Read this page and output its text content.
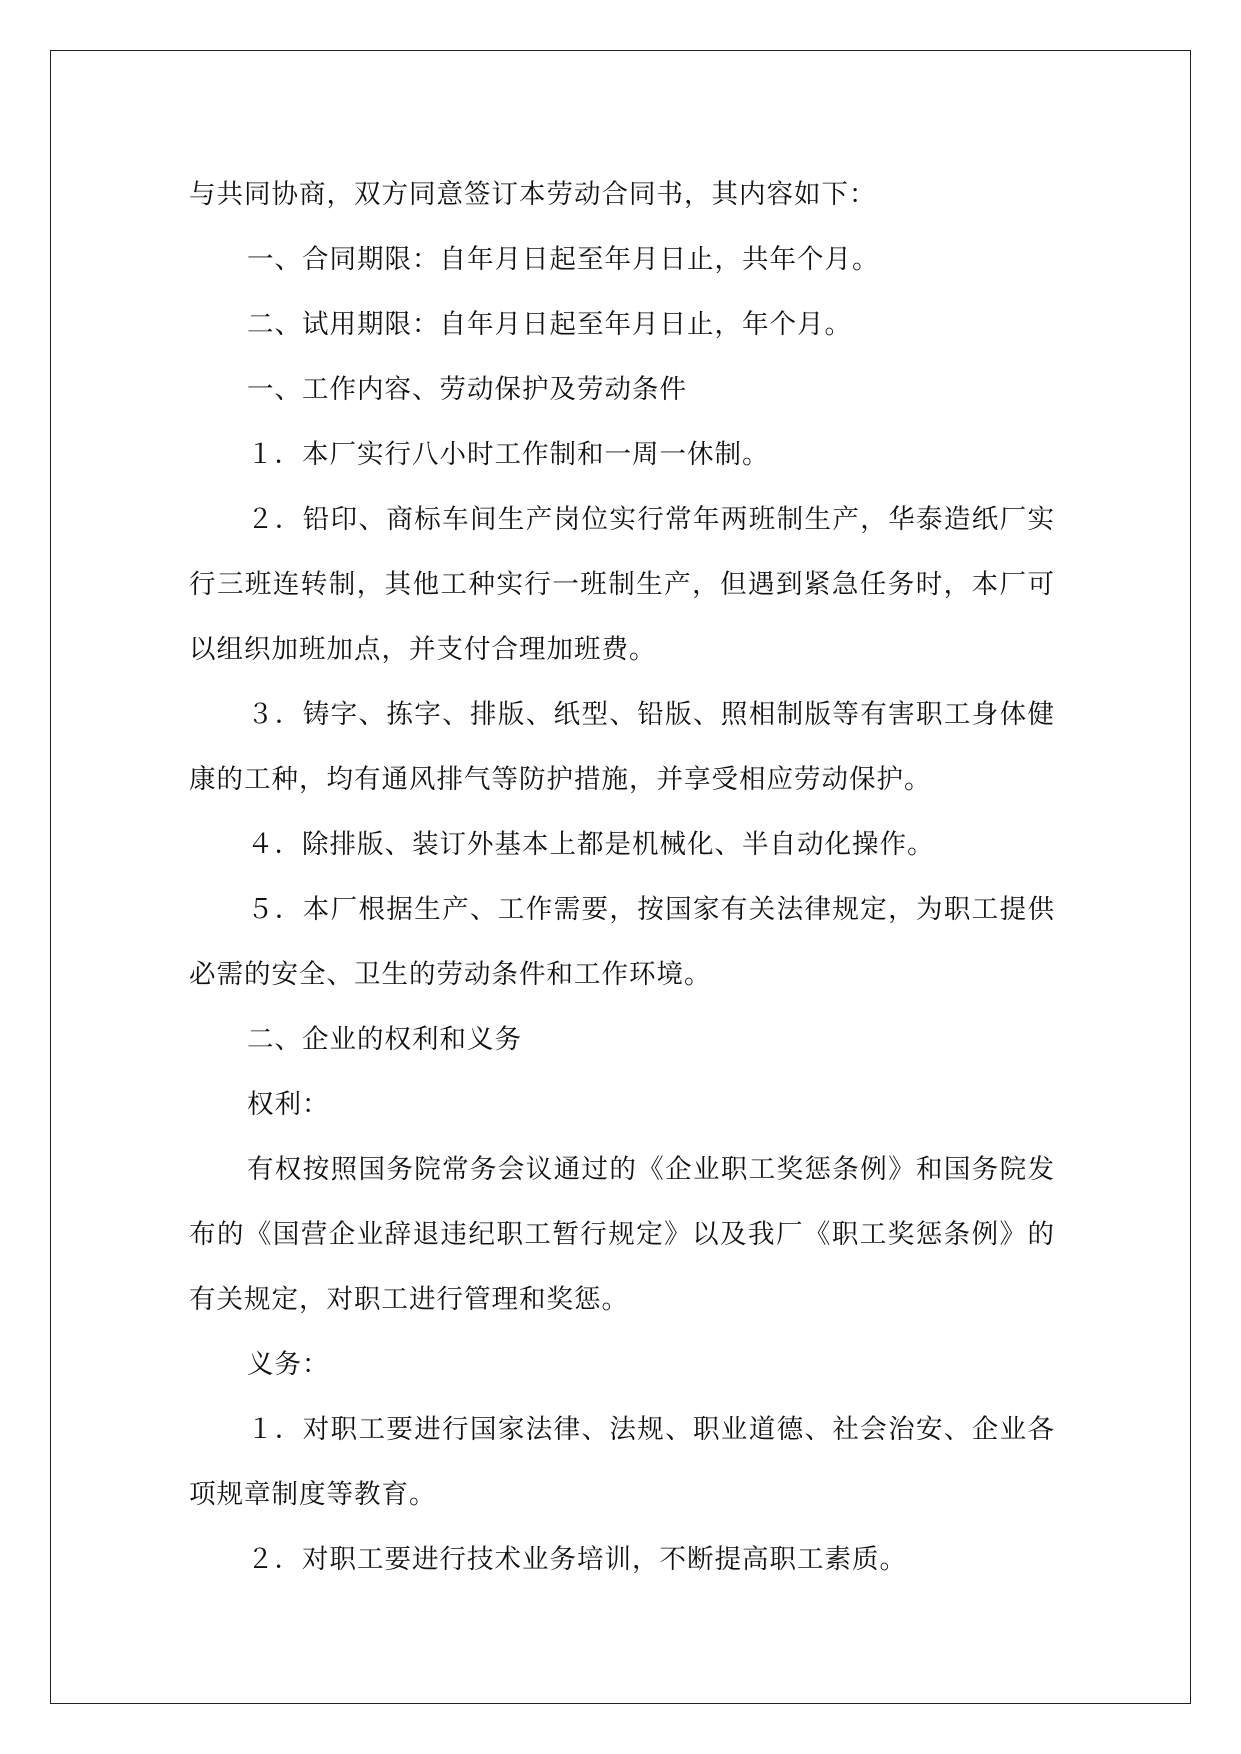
与共同协商，双方同意签订本劳动合同书，其内容如下：

一、合同期限：自年月日起至年月日止，共年个月。

二、试用期限：自年月日起至年月日止，年个月。

一、工作内容、劳动保护及劳动条件

１．本厂实行八小时工作制和一周一休制。

２．铅印、商标车间生产岗位实行常年两班制生产，华泰造纸厂实行三班连转制，其他工种实行一班制生产，但遇到紧急任务时，本厂可以组织加班加点，并支付合理加班费。

３．铸字、拣字、排版、纸型、铅版、照相制版等有害职工身体健康的工种，均有通风排气等防护措施，并享受相应劳动保护。

４．除排版、装订外基本上都是机械化、半自动化操作。

５．本厂根据生产、工作需要，按国家有关法律规定，为职工提供必需的安全、卫生的劳动条件和工作环境。

二、企业的权利和义务

权利：

有权按照国务院常务会议通过的《企业职工奖惩条例》和国务院发布的《国营企业辞退违纪职工暂行规定》以及我厂《职工奖惩条例》的有关规定，对职工进行管理和奖惩。

义务：

１．对职工要进行国家法律、法规、职业道德、社会治安、企业各项规章制度等教育。

２．对职工要进行技术业务培训，不断提高职工素质。
